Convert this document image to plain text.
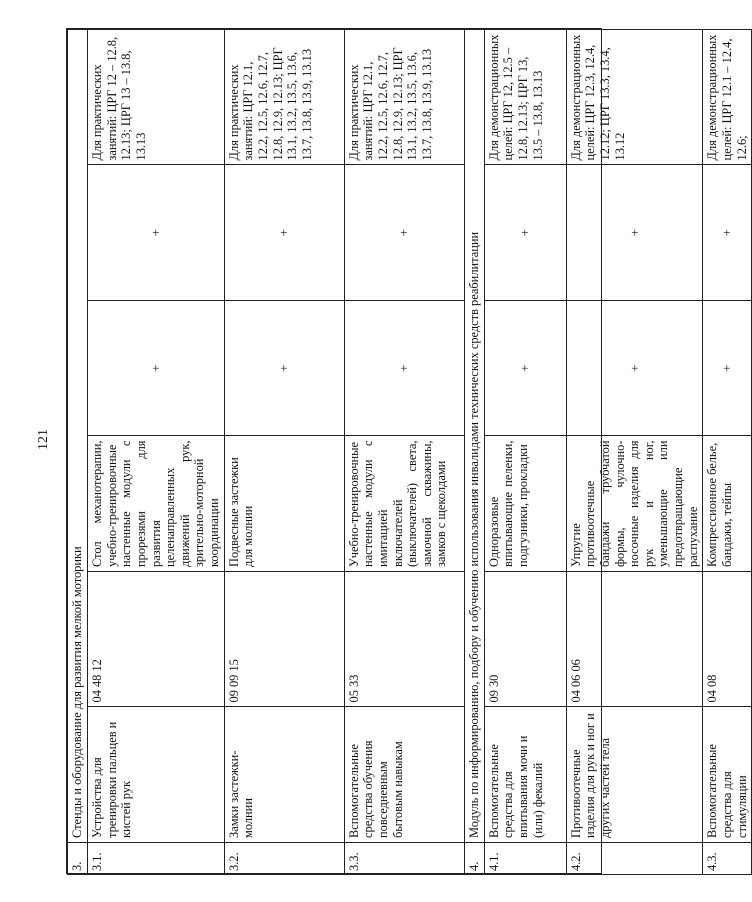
121
3.	Стенды и оборудование для развития мелкой моторики					
3.1.	Устройства для тренировки пальцев и кистей рук	04 48 12	Стол механотерапии, учебно-тренировочные настенные модули с прорезями для развития целенаправленных движений рук, зрительно-моторной координации	+	+	Для практических занятий: ЦРГ 12 – 12.8, 12.13; ЦРГ 13 – 13.8, 13.13
3.2.	Замки застежки-молнии	09 09 15	Подвесные застежки для молнии	+	+	Для практических занятий: ЦРГ 12.1, 12.2, 12.5, 12.6, 12.7, 12.8, 12.9, 12.13; ЦРГ 13.1, 13.2, 13.5, 13.6, 13.7, 13.8, 13.9, 13.13
3.3.	Вспомогательные средства обучения повседневным бытовым навыкам	05 33	Учебно-тренировочные настенные модули с имитацией включателей (выключателей) света, замочной скважины, замков с щеколдами	+	+	Для практических занятий: ЦРГ 12.1, 12.2, 12.5, 12.6, 12.7, 12.8, 12.9, 12.13; ЦРГ 13.1, 13.2, 13.5, 13.6, 13.7, 13.8, 13.9, 13.13
4.	Модуль по информированию, подбору и обучению использования инвалидами технических средств реабилитации					
4.1.	Вспомогательные средства для впитывания мочи и (или) фекалий	09 30	Одноразовые впитывающие пеленки, подгузники, прокладки	+	+	Для демонстрационных целей: ЦРГ 12, 12.5 – 12.8, 12.13; ЦРГ 13, 13.5 – 13.8, 13.13
4.2.	Противоотечные изделия для рук и ног и других частей тела	04 06 06	Упругие противоотечные бандажи трубчатой формы, чулочно-носочные изделия для рук и ног, уменьшающие или предотвращающие распухание	+	+	Для демонстрационных целей: ЦРГ 12.3, 12.4, 12.12; ЦРГ 13.3, 13.4, 13.12
4.3.	Вспомогательные средства для стимуляции	04 08	Компрессионное белье, бандажи, тейпы	+	+	Для демонстрационных целей: ЦРГ 12.1 – 12.4, 12.6;
